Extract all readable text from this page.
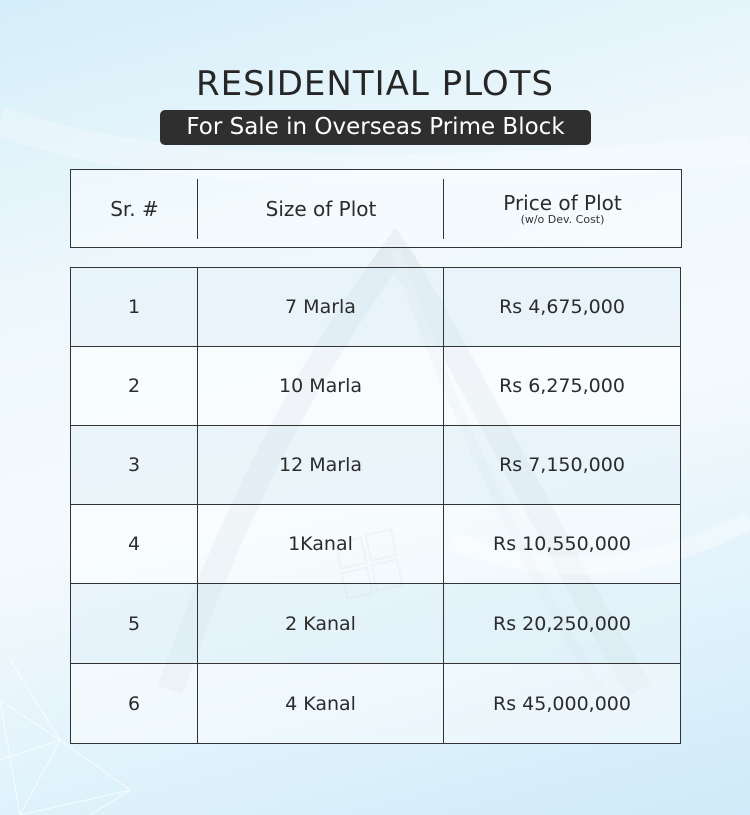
RESIDENTIAL PLOTS
For Sale in Overseas Prime Block
Sr. #	Size of Plot	Price of Plot
(w/o Dev. Cost)
1	7 Marla	Rs 4,675,000
2	10 Marla	Rs 6,275,000
3	12 Marla	Rs 7,150,000
4	1Kanal	Rs 10,550,000
5	2 Kanal	Rs 20,250,000
6	4 Kanal	Rs 45,000,000
